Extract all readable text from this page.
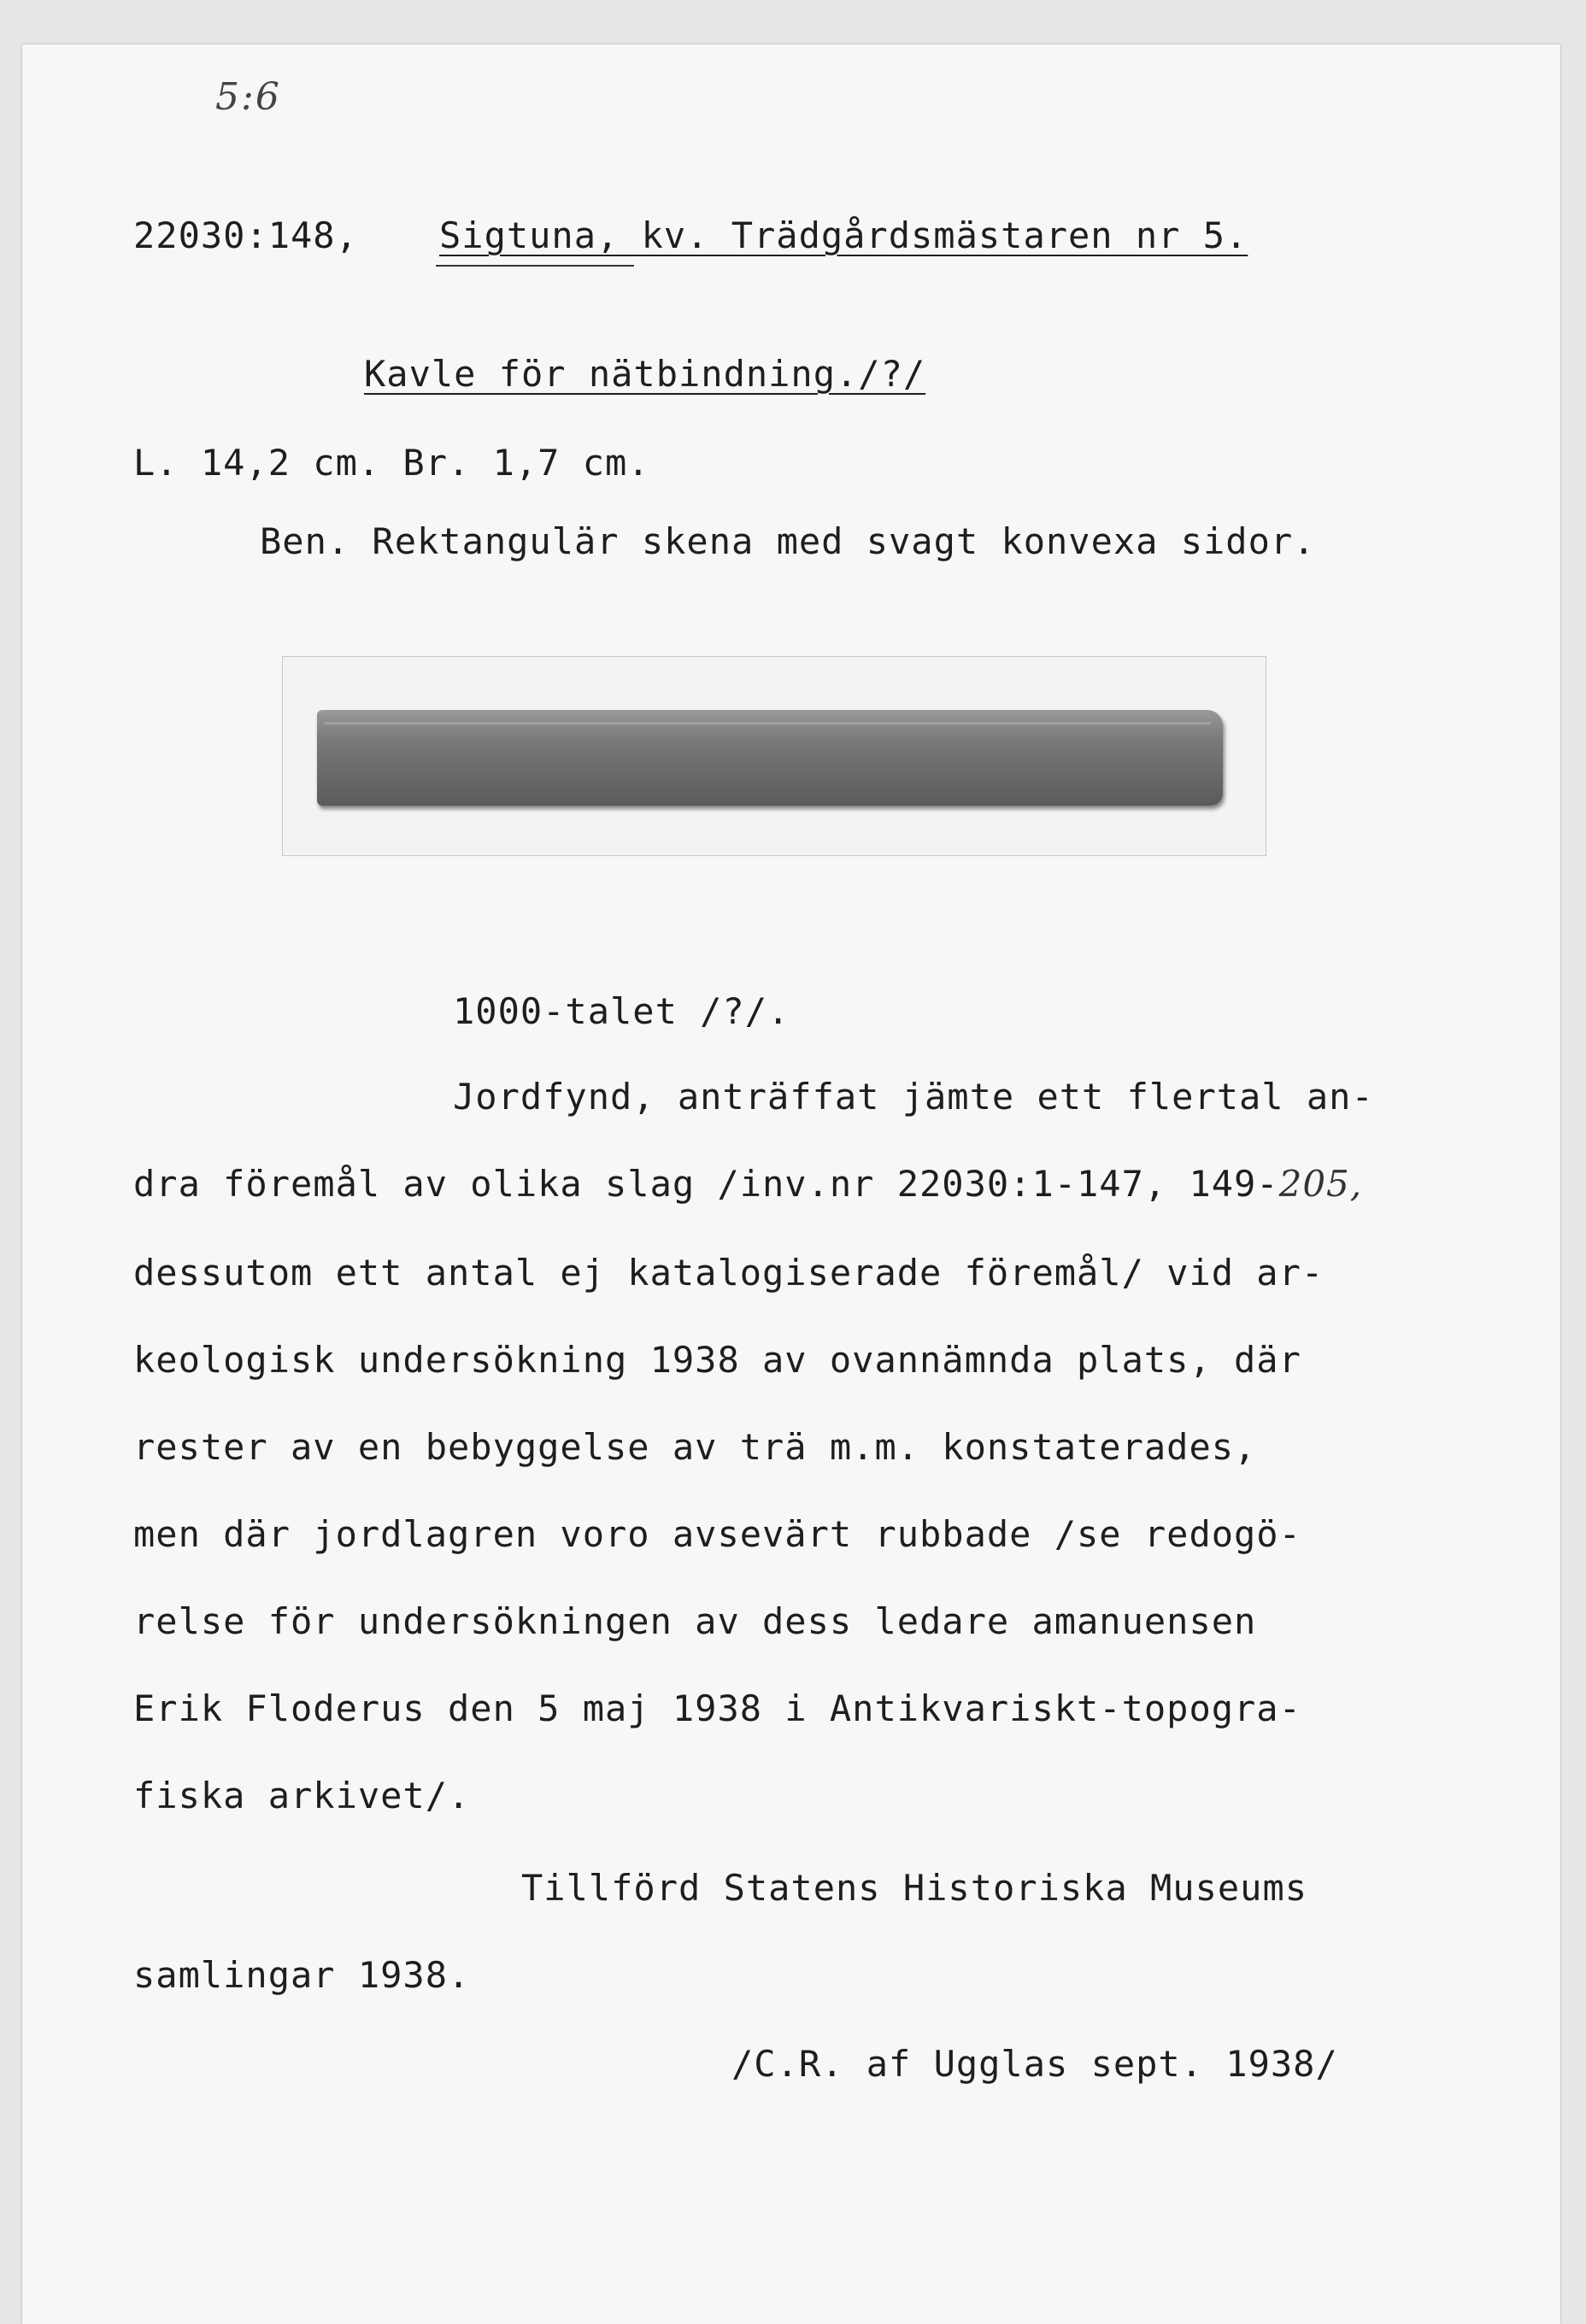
5:6
22030:148, Sigtuna, kv. Trädgårdsmästaren nr 5.
Kavle för nätbindning./?/
L. 14,2 cm. Br. 1,7 cm.
Ben. Rektangulär skena med svagt konvexa sidor.
1000-talet /?/.
Jordfynd, anträffat jämte ett flertal an-
dra föremål av olika slag /inv.nr 22030:1-147, 149-205,
dessutom ett antal ej katalogiserade föremål/ vid ar-
keologisk undersökning 1938 av ovannämnda plats, där
rester av en bebyggelse av trä m.m. konstaterades,
men där jordlagren voro avsevärt rubbade /se redogö-
relse för undersökningen av dess ledare amanuensen
Erik Floderus den 5 maj 1938 i Antikvariskt-topogra-
fiska arkivet/.
Tillförd Statens Historiska Museums
samlingar 1938.
/C.R. af Ugglas sept. 1938/
